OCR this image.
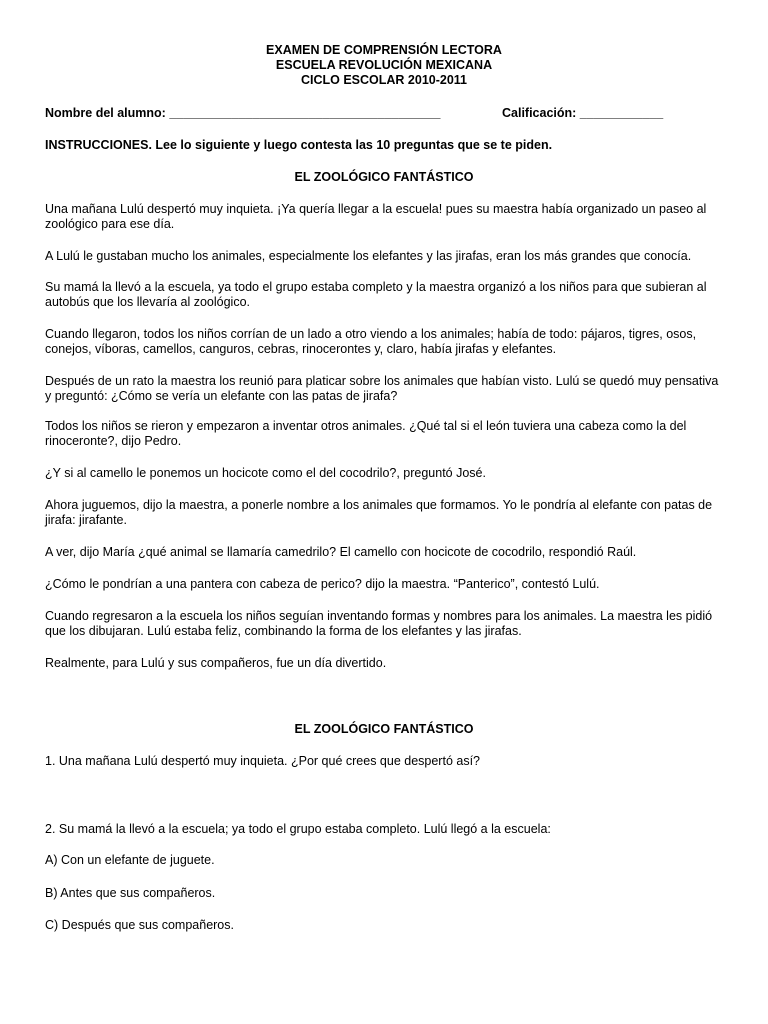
EXAMEN DE COMPRENSIÓN LECTORA
ESCUELA REVOLUCIÓN MEXICANA
CICLO ESCOLAR 2010-2011
Nombre del alumno: _______________________________________	Calificación: ____________
INSTRUCCIONES. Lee lo siguiente y luego contesta las 10 preguntas que se te piden.
EL ZOOLÓGICO FANTÁSTICO
Una mañana Lulú despertó muy inquieta. ¡Ya quería llegar a la escuela! pues su maestra había organizado un paseo al
zoológico para ese día.
A Lulú le gustaban mucho los animales, especialmente los elefantes y las jirafas, eran los más grandes que conocía.
Su mamá la llevó a la escuela, ya todo el grupo estaba completo y la maestra organizó a los niños para que subieran al
autobús que los llevaría al zoológico.
Cuando llegaron, todos los niños corrían de un lado a otro viendo a los animales; había de todo: pájaros, tigres, osos,
conejos, víboras, camellos, canguros, cebras, rinocerontes y, claro, había jirafas y elefantes.
Después de un rato la maestra los reunió para platicar sobre los animales que habían visto. Lulú se quedó muy pensativa
y preguntó: ¿Cómo se vería un elefante con las patas de jirafa?
Todos los niños se rieron y empezaron a inventar otros animales. ¿Qué tal si el león tuviera una cabeza como la del
rinoceronte?, dijo Pedro.
¿Y si al camello le ponemos un hocicote como el del cocodrilo?, preguntó José.
Ahora juguemos, dijo la maestra, a ponerle nombre a los animales que formamos. Yo le pondría al elefante con patas de
jirafa: jirafante.
A ver, dijo María ¿qué animal se llamaría camedrilo? El camello con hocicote de cocodrilo, respondió Raúl.
¿Cómo le pondrían a una pantera con cabeza de perico? dijo la maestra. “Panterico”, contestó Lulú.
Cuando regresaron a la escuela los niños seguían inventando formas y nombres para los animales. La maestra les pidió
que los dibujaran. Lulú estaba feliz, combinando la forma de los elefantes y las jirafas.
Realmente, para Lulú y sus compañeros, fue un día divertido.
EL ZOOLÓGICO FANTÁSTICO
1. Una mañana Lulú despertó muy inquieta. ¿Por qué crees que despertó así?
2. Su mamá la llevó a la escuela; ya todo el grupo estaba completo. Lulú llegó a la escuela:
A) Con un elefante de juguete.
B) Antes que sus compañeros.
C) Después que sus compañeros.
